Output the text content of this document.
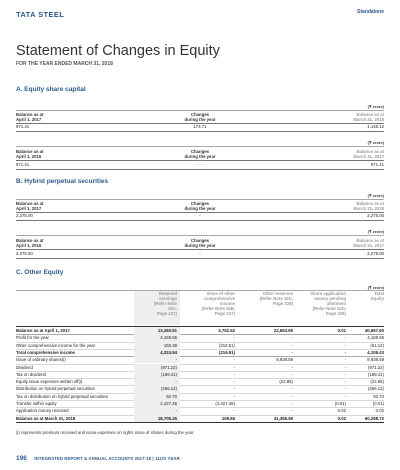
TATA STEEL	Standalone
Statement of Changes in Equity
FOR THE YEAR ENDED MARCH 31, 2018
A. Equity share capital
(₹ crore)
Balance as at
April 1, 2017
Changes
during the year
Balance as at
March 31, 2018
971.41	174.71	1,146.12
(₹ crore)
Balance as at
April 1, 2016
Changes
during the year
Balance as at
March 31, 2017
971.41	-	971.41
B. Hybrid perpetual securities
(₹ crore)
Balance as at
April 1, 2017
Changes
during the year
Balance as at
March 31, 2018
2,275.00	-	2,275.00
(₹ crore)
Balance as at
April 1, 2016
Changes
during the year
Balance as at
March 31, 2017
2,275.00	-	2,275.00
C. Other Equity
(₹ crore)
Retained
earnings
(Refer Note
15A,
Page 227)
Items of other
comprehensive
income
(Refer Note 15B,
Page 227)
Other reserves
(Refer Note 15C,
Page 228)
Share application
money pending
allotment
(Refer Note 15D,
Page 229)
Total
Equity
Balance as at April 1, 2017	13,260.91	3,752.62	22,653.65	0.01	40,667.60
Profit for the year	4,169.55	-	-	-	4,169.55
Other comprehensive income for the year	155.39	(216.51)	-	-	(61.12)
Total comprehensive income	4,324.94	(216.51)	-	-	4,108.43
Issue of ordinary shares(i)	-	-	8,939.59	-	8,939.59
Dividend	(971.22)	-	-	-	(971.22)
Tax on dividend	(188.41)	-	-	-	(188.41)
Equity issue expenses written off(i)	-	-	(22.85)	-	(22.85)
Distribution on hybrid perpetual securities	(266.12)	-	-	-	(266.12)
Tax on distribution on hybrid perpetual securities	92.70	-	-	-	92.70
Transfer within equity	2,427.45	(2,427.46)	-	(0.01)	(0.01)
Application money received	-	-	-	0.02	0.02
Balance as at March 31, 2018	18,705.25	108.65	41,359.59	0.02	60,268.72
(i) represents premium received and issue expenses on rights issue of shares during the year.
196 INTEGRATED REPORT & ANNUAL ACCOUNTS 2017-18 | 111th YEAR
